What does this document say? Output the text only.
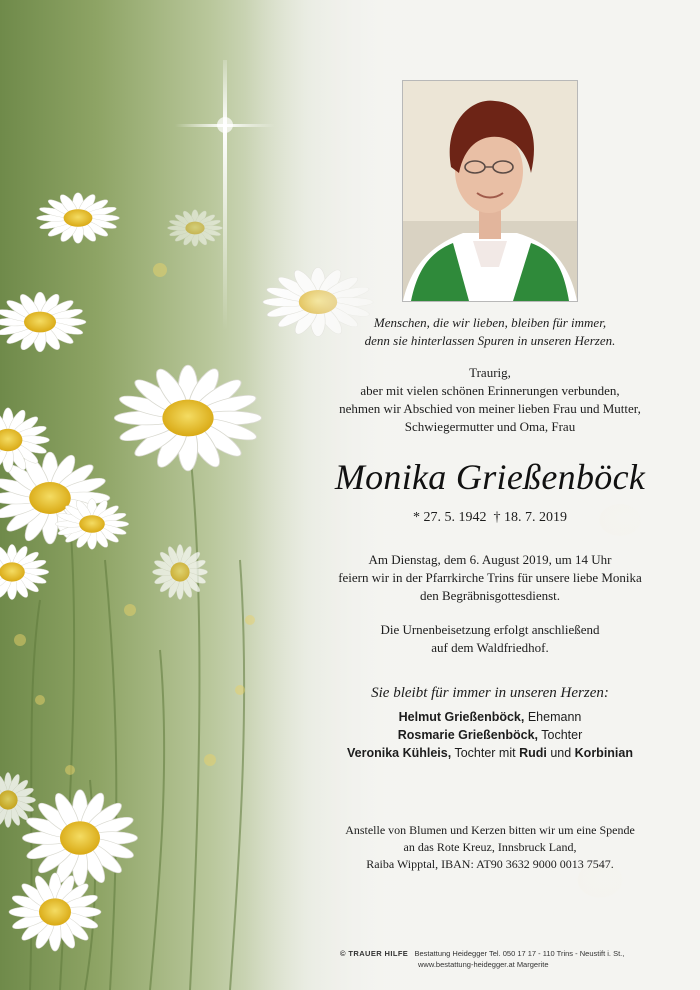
Menschen, die wir lieben, bleiben für immer,
denn sie hinterlassen Spuren in unseren Herzen.
Traurig,
aber mit vielen schönen Erinnerungen verbunden,
nehmen wir Abschied von meiner lieben Frau und Mutter,
Schwiegermutter und Oma, Frau
Monika Grießenböck
* 27. 5. 1942  † 18. 7. 2019
Am Dienstag, dem 6. August 2019, um 14 Uhr
feiern wir in der Pfarrkirche Trins für unsere liebe Monika
den Begräbnisgottesdienst.
Die Urnenbeisetzung erfolgt anschließend
auf dem Waldfriedhof.
Sie bleibt für immer in unseren Herzen:
Helmut Grießenböck, Ehemann
Rosmarie Grießenböck, Tochter
Veronika Kühleis, Tochter mit Rudi und Korbinian
Anstelle von Blumen und Kerzen bitten wir um eine Spende
an das Rote Kreuz, Innsbruck Land,
Raiba Wipptal, IBAN: AT90 3632 9000 0013 7547.
© TRAUER HILFE Bestattung Heidegger Tel. 050 17 17 - 110 Trins - Neustift i. St.,
www.bestattung-heidegger.at Margerite
